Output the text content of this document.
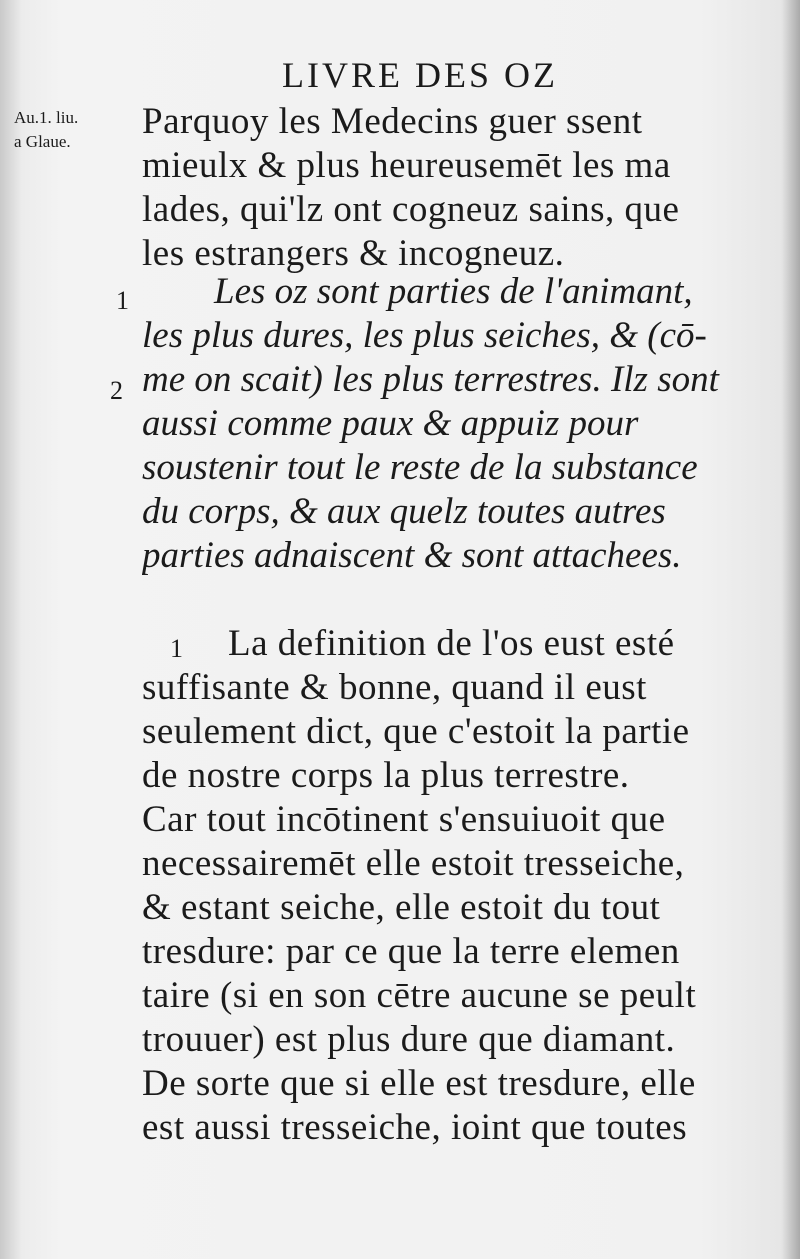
LIVRE DES OZ
Au.1. liu.
a Glaue.
1
2
1
Parquoy les Medecins guer ssent
mieulx & plus heureusemēt les ma
lades, qui'lz ont cogneuz sains, que
les estrangers & incogneuz.
Les oz sont parties de l'animant,
les plus dures, les plus seiches, & (cō-
me on scait) les plus terrestres. Ilz sont
aussi comme paux & appuiz pour
soustenir tout le reste de la substance
du corps, & aux quelz toutes autres
parties adnaiscent & sont attachees.
La definition de l'os eust esté
suffisante & bonne, quand il eust
seulement dict, que c'estoit la partie
de nostre corps la plus terrestre.
Car tout incōtinent s'ensuiuoit que
necessairemēt elle estoit tresseiche,
& estant seiche, elle estoit du tout
tresdure: par ce que la terre elemen
taire (si en son cētre aucune se peult
trouuer) est plus dure que diamant.
De sorte que si elle est tresdure, elle
est aussi tresseiche, ioint que toutes
